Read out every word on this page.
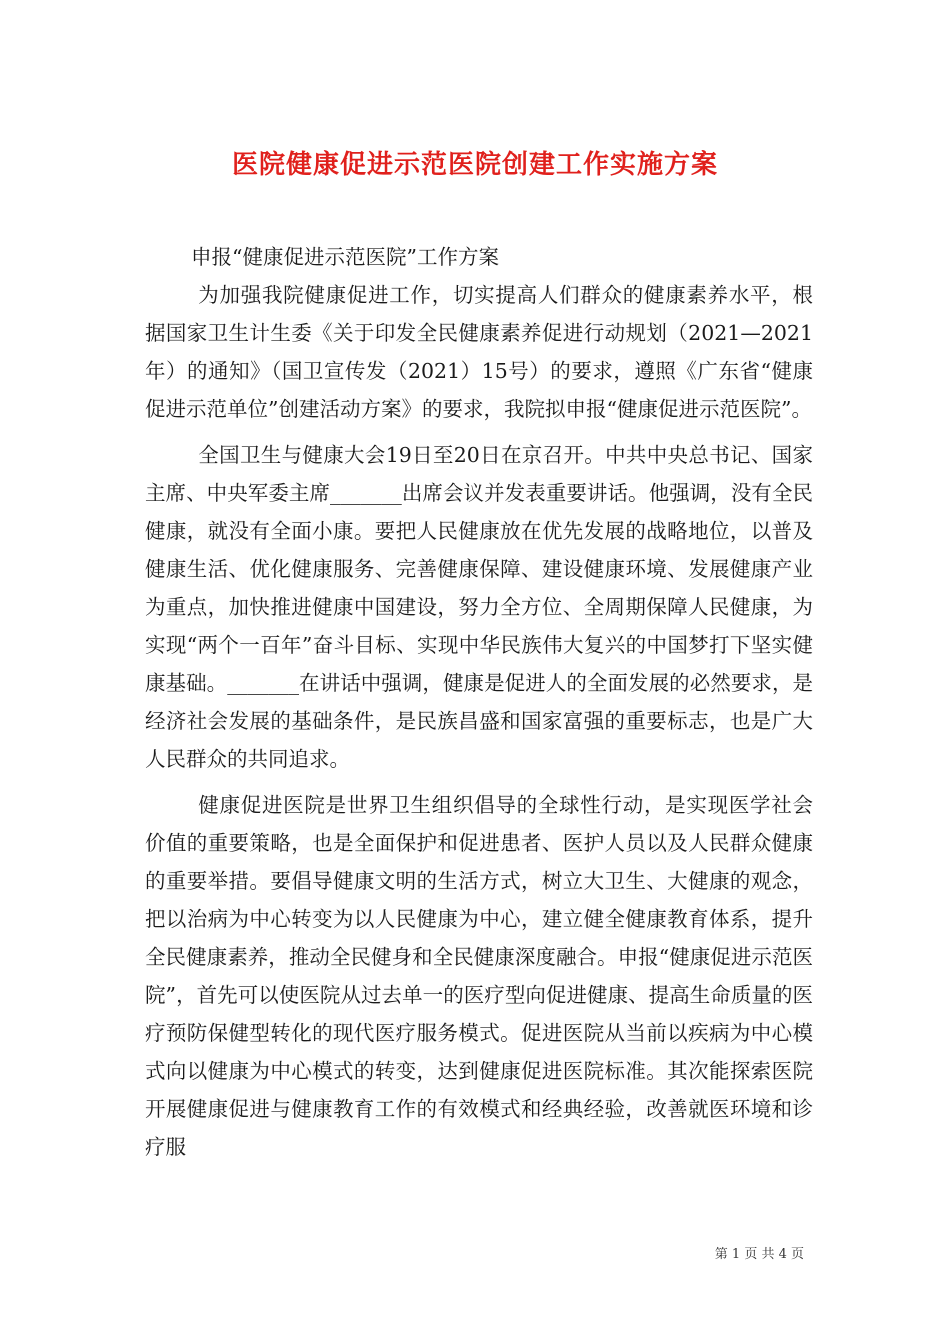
医院健康促进示范医院创建工作实施方案

申报“健康促进示范医院”工作方案

为加强我院健康促进工作，切实提高人们群众的健康素养水平，根据国家卫生计生委《关于印发全民健康素养促进行动规划（2021—2021年）的通知》（国卫宣传发（2021）15号）的要求，遵照《广东省“健康促进示范单位”创建活动方案》的要求，我院拟申报“健康促进示范医院”。

全国卫生与健康大会19日至20日在京召开。中共中央总书记、国家主席、中央军委主席_______出席会议并发表重要讲话。他强调，没有全民健康，就没有全面小康。要把人民健康放在优先发展的战略地位，以普及健康生活、优化健康服务、完善健康保障、建设健康环境、发展健康产业为重点，加快推进健康中国建设，努力全方位、全周期保障人民健康，为实现“两个一百年”奋斗目标、实现中华民族伟大复兴的中国梦打下坚实健康基础。_______在讲话中强调，健康是促进人的全面发展的必然要求，是经济社会发展的基础条件，是民族昌盛和国家富强的重要标志，也是广大人民群众的共同追求。

健康促进医院是世界卫生组织倡导的全球性行动，是实现医学社会价值的重要策略，也是全面保护和促进患者、医护人员以及人民群众健康的重要举措。要倡导健康文明的生活方式，树立大卫生、大健康的观念，把以治病为中心转变为以人民健康为中心，建立健全健康教育体系，提升全民健康素养，推动全民健身和全民健康深度融合。申报“健康促进示范医院”，首先可以使医院从过去单一的医疗型向促进健康、提高生命质量的医疗预防保健型转化的现代医疗服务模式。促进医院从当前以疾病为中心模式向以健康为中心模式的转变，达到健康促进医院标准。其次能探索医院开展健康促进与健康教育工作的有效模式和经典经验，改善就医环境和诊疗服

第 1 页 共 4 页
